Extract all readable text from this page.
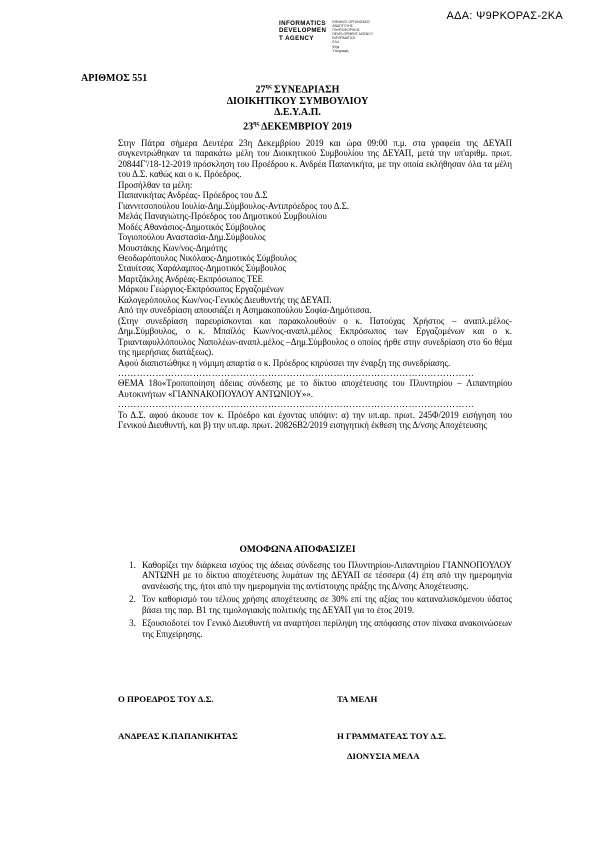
ΑΔΑ: Ψ9ΡΚΟΡΑΣ-2ΚΑ
INFORMATICS
DEVELOPMEN
T AGENCY
ΕΘΝΙΚΟΣ ΟΡΓΑΝΙΣΜΟΣ
ΑΝΑΠΤΥΞΗΣ
ΠΛΗΡΟΦΟΡΙΚΗΣ
DEVELOPMENT AGENCY
INFORMATICS
ΕΛΛ
Ψηφ
Υπογραφή
ΑΡΙΘΜΟΣ 551
$27^{\eta\varsigma}$ ΣΥΝΕΔΡΙΑΣΗ
ΔΙΟΙΚΗΤΙΚΟΥ ΣΥΜΒΟΥΛΙΟΥ
Δ.Ε.Υ.Α.Π.
$23^{\eta\varsigma}$ ΔΕΚΕΜΒΡΙΟΥ 2019
Στην Πάτρα σήμερα Δευτέρα 23η Δεκεμβρίου 2019 και ώρα 09:00 π.μ. στα γραφεία της ΔΕΥΑΠ συγκεντρώθηκαν τα παρακάτω μέλη του Διοικητικού Συμβουλίου της ΔΕΥΑΠ, μετά την υπ'αριθμ. πρωτ. 20844Γ'/18-12-2019 πρόσκληση του Προέδρου κ. Ανδρέα Παπανικήτα, με την οποία εκλήθησαν όλα τα μέλη του Δ.Σ. καθώς και ο κ. Πρόεδρος.
Προσήλθαν τα μέλη:
Παπανικήτας Ανδρέας- Πρόεδρος του Δ.Σ
Γιαννιτσοπούλου Ιουλία-Δημ.Σύμβουλος-Αντιπρόεδρος του Δ.Σ.
Μελάς Παναγιώτης-Πρόεδρος του Δημοτικού Συμβουλίου
Μοδές Αθανάσιος-Δημοτικός Σύμβουλος
Τογιοπούλου Αναστασία-Δημ.Σύμβουλος
Μουστάκης Κων/νος-Δημότης
Θεοδωρόπουλος Νικόλαος-Δημοτικός Σύμβουλος
Σταυίτσας Χαράλαμπος-Δημοτικός Σύμβουλος
Μαρτζάκλης Ανδρέας-Εκπρόσωπος ΤΕΕ
Μάρκου Γεώργιος-Εκπρόσωπος Εργαζομένων
Καλογερόπουλος Κων/νος-Γενικός Διευθυντής της ΔΕΥΑΠ.
Από την συνεδρίαση απουσιάζει η Ασημακοπούλου Σοφία-Δημότισσα.
(Στην συνεδρίαση παρευρίσκονται και παρακολουθούν ο κ. Πατούχας Χρήστος – αναπλ.μέλος-Δημ.Σύμβουλος, ο κ. Μπαϊλός Κων/νος-αναπλ.μέλος Εκπρόσωπος των Εργαζομένων και ο κ. Τριανταφυλλόπουλος Ναπολέων-αναπλ.μέλος –Δημ.Σύμβουλος ο οποίος ήρθε στην συνεδρίαση στο 6ο θέμα της ημερήσιας διατάξεως).
Αφού διαπιστώθηκε η νόμιμη απαρτία ο κ. Πρόεδρος κηρύσσει την έναρξη της συνεδρίασης.
……………………………………………………………………………………………………
ΘΕΜΑ 18ο«Τροποποίηση άδειας σύνδεσης με το δίκτυο αποχέτευσης του Πλυντηρίου – Λιπαντηρίου Αυτοκινήτων «ΓΙΑΝΝΑΚΟΠΟΥΛΟΥ ΑΝΤΩΝΙΟΥ»».
……………………………………………………………………………………………………
Το Δ.Σ. αφού άκουσε τον κ. Πρόεδρο και έχοντας υπόψιν: α) την υπ.αρ. πρωτ. 245Φ/2019 εισήγηση του Γενικού Διευθυντή, και β) την υπ.αρ. πρωτ. 20826Β2/2019 εισηγητική έκθεση της Δ/νσης Αποχέτευσης
ΟΜΟΦΩΝΑ ΑΠΟΦΑΣΙΖΕΙ
1. Καθορίζει την διάρκεια ισχύος της άδειας σύνδεσης του Πλυντηρίου-Λιπαντηρίου ΓΙΑΝΝΟΠΟΥΛΟΥ ΑΝΤΩΝΗ με το δίκτυο αποχέτευσης λυμάτων της ΔΕΥΑΠ σε τέσσερα (4) έτη από την ημερομηνία ανανέωσής της, ήτοι από την ημερομηνία της αντίστοιχης πράξης της Δ/νσης Αποχέτευσης.
2. Τον καθορισμό του τέλους χρήσης αποχέτευσης σε 30% επί της αξίας του καταναλισκόμενου ύδατος βάσει της παρ. Β1 της τιμολογιακής πολιτικής της ΔΕΥΑΠ για το έτος 2019.
3. Εξουσιοδοτεί τον Γενικό Διευθυντή να αναρτήσει περίληψη της απόφασης στον πίνακα ανακοινώσεων της Επιχείρησης.
Ο ΠΡΟΕΔΡΟΣ ΤΟΥ Δ.Σ.	ΤΑ ΜΕΛΗ
ΑΝΔΡΕΑΣ Κ.ΠΑΠΑΝΙΚΗΤΑΣ	Η ΓΡΑΜΜΑΤΕΑΣ ΤΟΥ Δ.Σ.
ΔΙΟΝΥΣΙΑ ΜΕΛΑ
